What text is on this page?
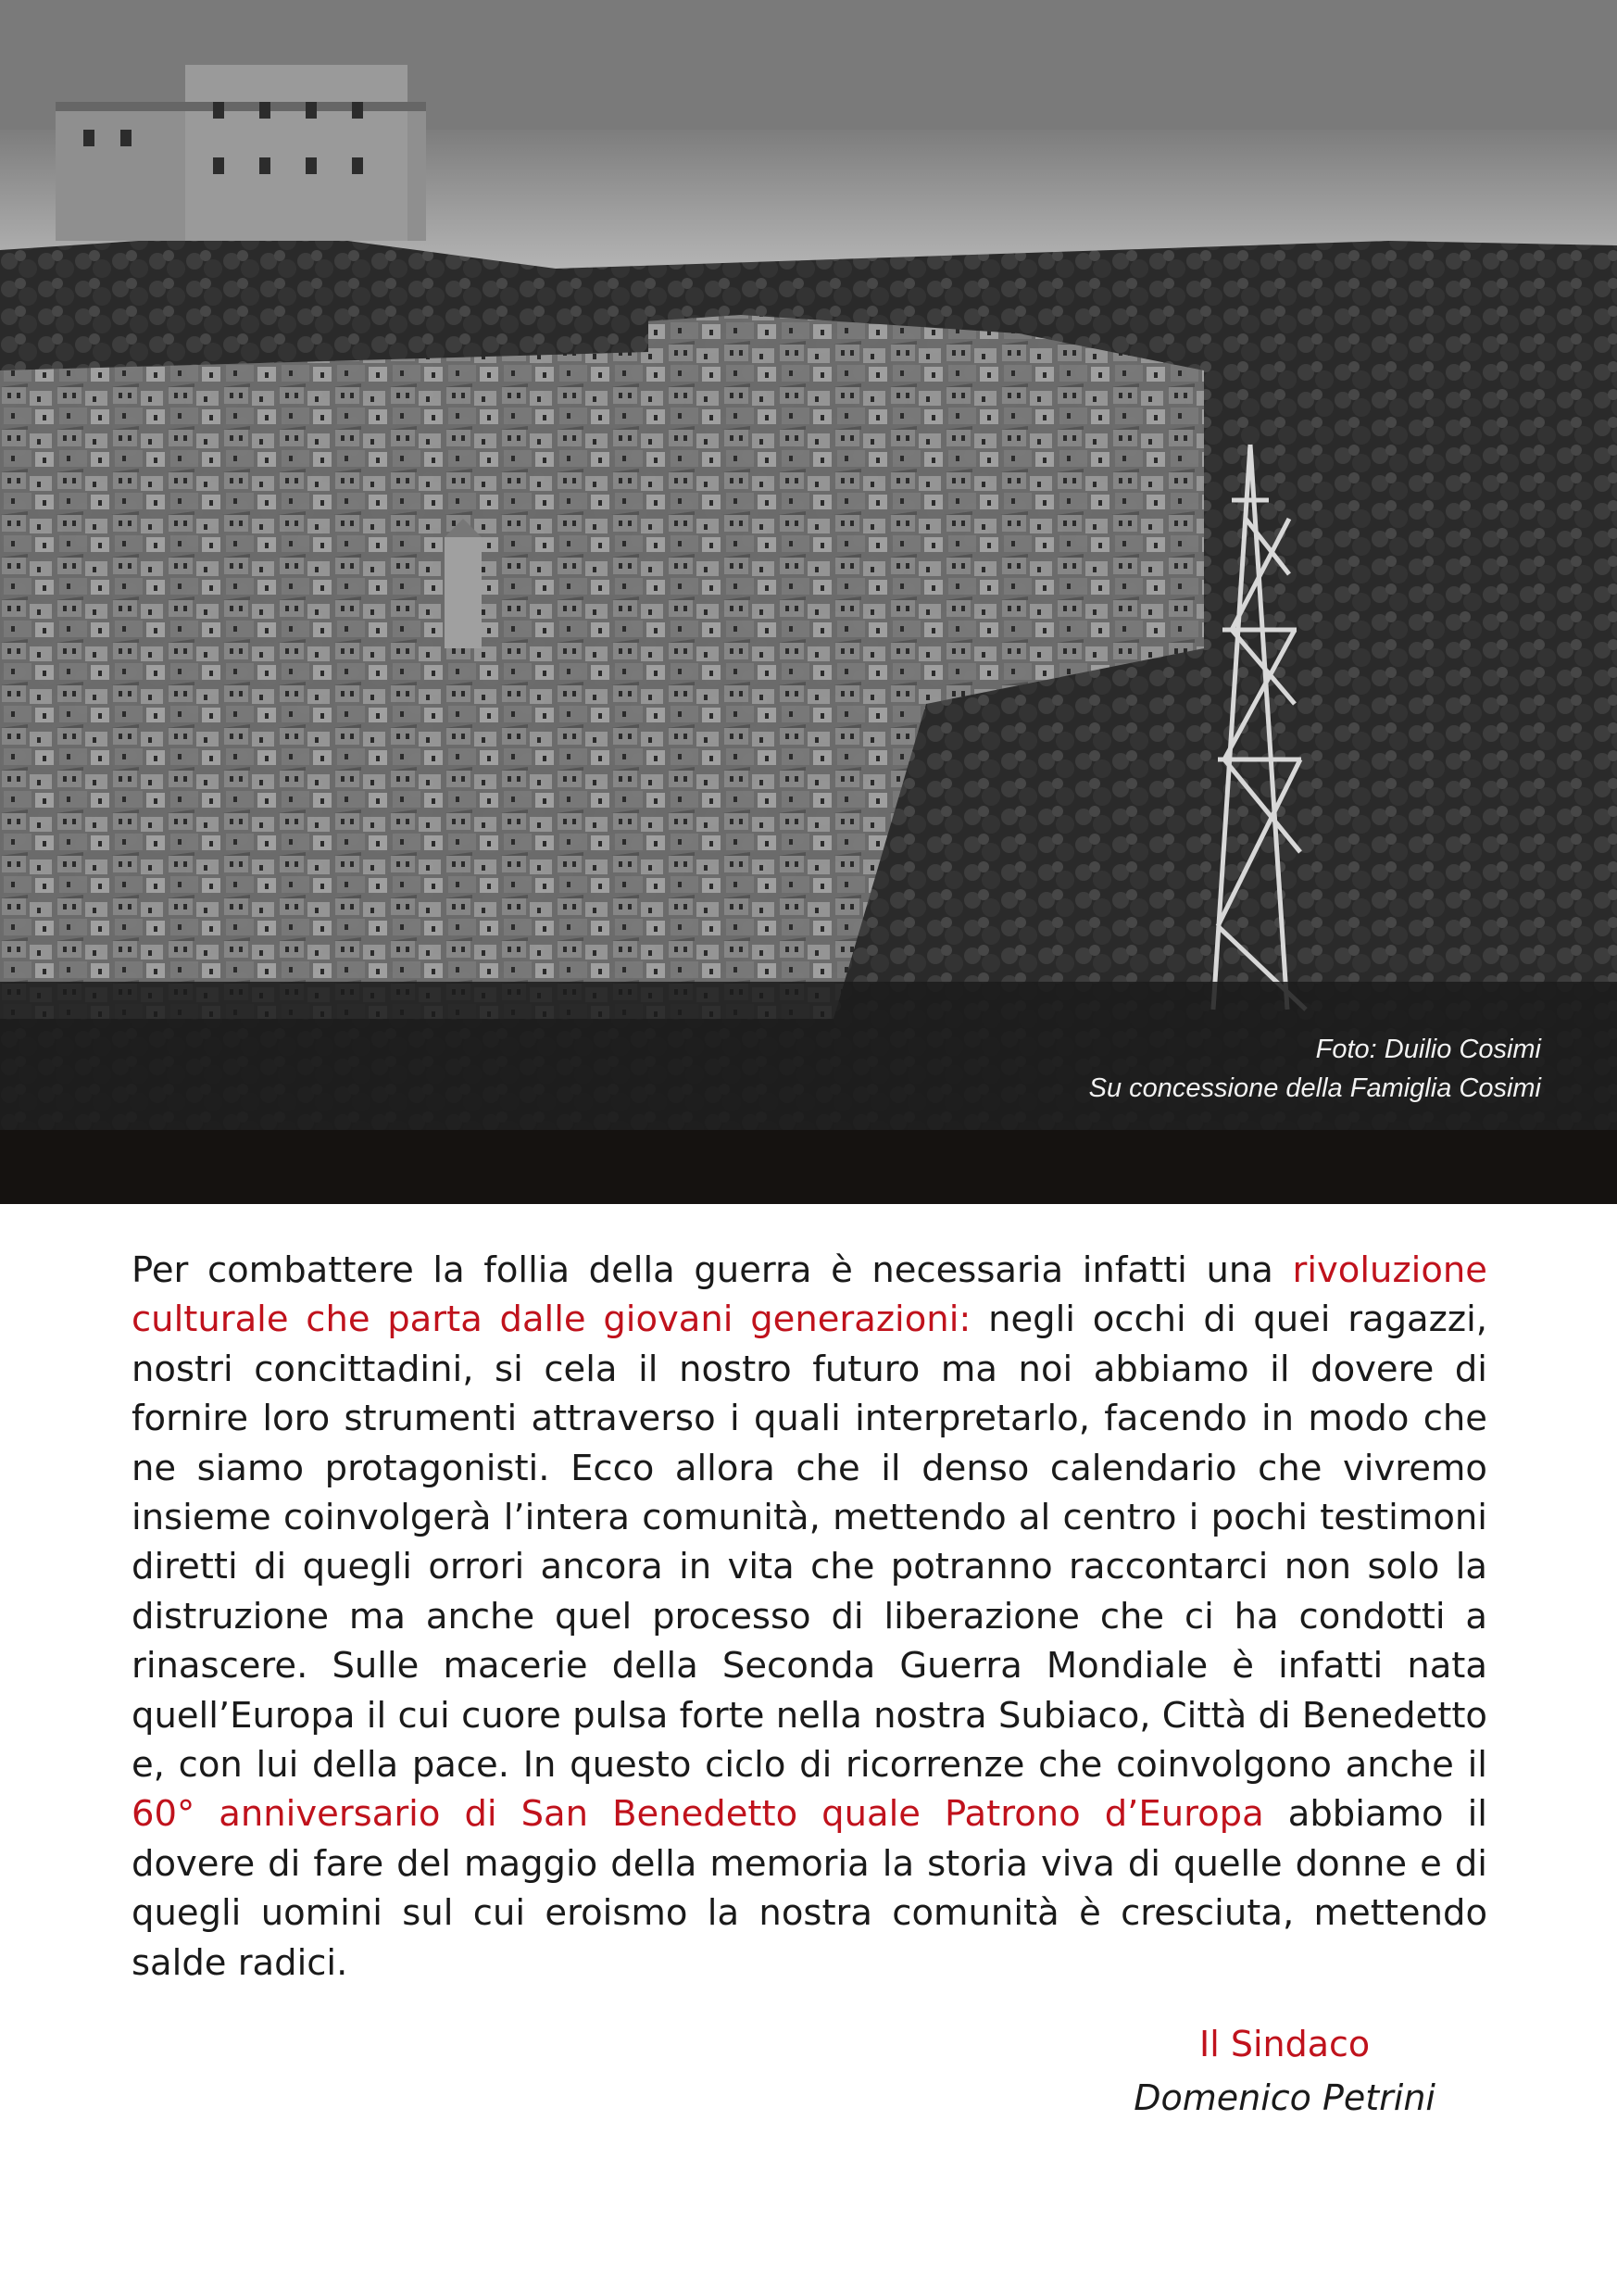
Foto: Duilio Cosimi
Su concessione della Famiglia Cosimi
Per combattere la follia della guerra è necessaria infatti una rivoluzione culturale che parta dalle giovani generazioni: negli occhi di quei ragazzi, nostri concittadini, si cela il nostro futuro ma noi abbiamo il dovere di fornire loro strumenti attraverso i quali interpretarlo, facendo in modo che ne siamo protagonisti. Ecco allora che il denso calendario che vivremo insieme coinvolgerà l’intera comunità, mettendo al centro i pochi testimoni diretti di quegli orrori ancora in vita che potranno raccontarci non solo la distruzione ma anche quel processo di liberazione che ci ha condotti a rinascere. Sulle macerie della Seconda Guerra Mondiale è infatti nata quell’Europa il cui cuore pulsa forte nella nostra Subiaco, Città di Benedetto e, con lui della pace. In questo ciclo di ricorrenze che coinvolgono anche il 60° anniversario di San Benedetto quale Patrono d’Europa abbiamo il dovere di fare del maggio della memoria la storia viva di quelle donne e di quegli uomini sul cui eroismo la nostra comunità è cresciuta, mettendo salde radici.
Il Sindaco
Domenico Petrini
